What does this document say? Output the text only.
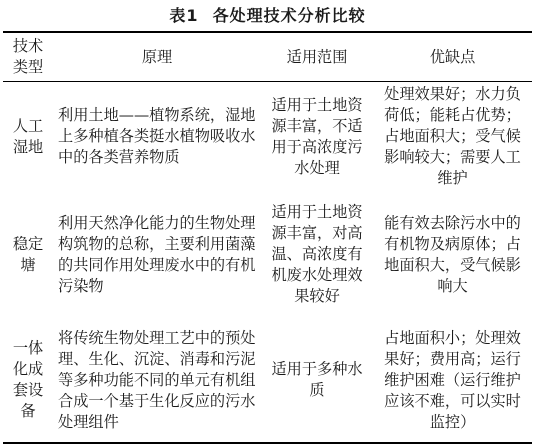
表1 各处理技术分析比较
技术类型	原理	适用范围	优缺点
人工湿地	利用土地——植物系统，湿地上多种植各类挺水植物吸收水中的各类营养物质	适用于土地资源丰富，不适用于高浓度污水处理	处理效果好；水力负荷低；能耗占优势；占地面积大；受气候影响较大；需要人工维护
稳定塘	利用天然净化能力的生物处理构筑物的总称，主要利用菌藻的共同作用处理废水中的有机污染物	适用于土地资源丰富，对高温、高浓度有机废水处理效果较好	能有效去除污水中的有机物及病原体；占地面积大，受气候影响大
一体化成套设备	将传统生物处理工艺中的预处理、生化、沉淀、消毒和污泥等多种功能不同的单元有机组合成一个基于生化反应的污水处理组件	适用于多种水质	占地面积小；处理效果好；费用高；运行维护困难（运行维护应该不难，可以实时监控）
